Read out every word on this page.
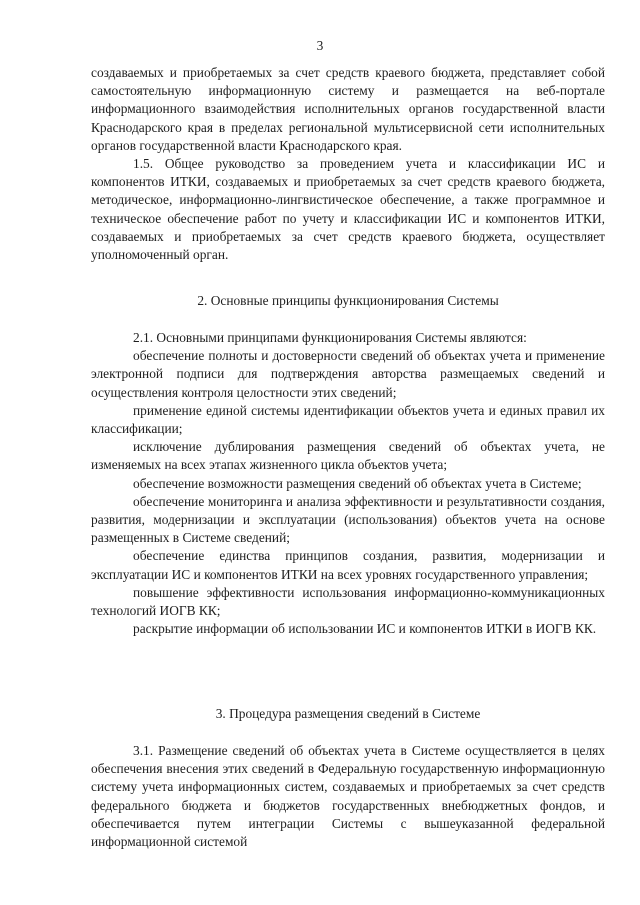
3

создаваемых и приобретаемых за счет средств краевого бюджета, представляет собой самостоятельную информационную систему и размещается на веб-портале информационного взаимодействия исполнительных органов государственной власти Краснодарского края в пределах региональной мультисервисной сети исполнительных органов государственной власти Краснодарского края.

1.5. Общее руководство за проведением учета и классификации ИС и компонентов ИТКИ, создаваемых и приобретаемых за счет средств краевого бюджета, методическое, информационно-лингвистическое обеспечение, а также программное и техническое обеспечение работ по учету и классификации ИС и компонентов ИТКИ, создаваемых и приобретаемых за счет средств краевого бюджета, осуществляет уполномоченный орган.

2. Основные принципы функционирования Системы

2.1. Основными принципами функционирования Системы являются:

обеспечение полноты и достоверности сведений об объектах учета и применение электронной подписи для подтверждения авторства размещаемых сведений и осуществления контроля целостности этих сведений;

применение единой системы идентификации объектов учета и единых правил их классификации;

исключение дублирования размещения сведений об объектах учета, не изменяемых на всех этапах жизненного цикла объектов учета;

обеспечение возможности размещения сведений об объектах учета в Системе;

обеспечение мониторинга и анализа эффективности и результативности создания, развития, модернизации и эксплуатации (использования) объектов учета на основе размещенных в Системе сведений;

обеспечение единства принципов создания, развития, модернизации и эксплуатации ИС и компонентов ИТКИ на всех уровнях государственного управления;

повышение эффективности использования информационно-коммуникационных технологий ИОГВ КК;

раскрытие информации об использовании ИС и компонентов ИТКИ в ИОГВ КК.

3. Процедура размещения сведений в Системе

3.1. Размещение сведений об объектах учета в Системе осуществляется в целях обеспечения внесения этих сведений в Федеральную государственную информационную систему учета информационных систем, создаваемых и приобретаемых за счет средств федерального бюджета и бюджетов государственных внебюджетных фондов, и обеспечивается путем интеграции Системы с вышеуказанной федеральной информационной системой
